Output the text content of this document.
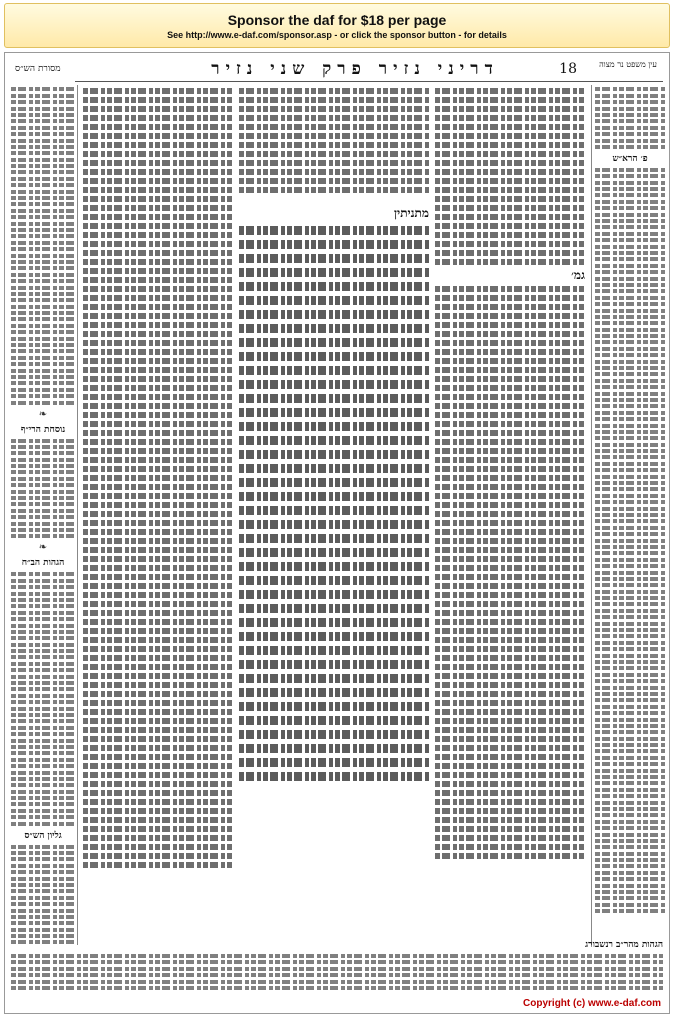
Sponsor the daf for $18 per page
See http://www.e-daf.com/sponsor.asp - or click the sponsor button - for details
מסורת הש״ס	דריני נזיר פרק שני נזיר	18	עין משפט נר מצוה
❧
נוסחת הרי״ף
❧
הגהות הב״ח
גליון הש״ס
מתניתין
גמ׳
פ׳ הרא״ש
הגהות מהר״ב רנשבורג
Copyright (c) www.e-daf.com
